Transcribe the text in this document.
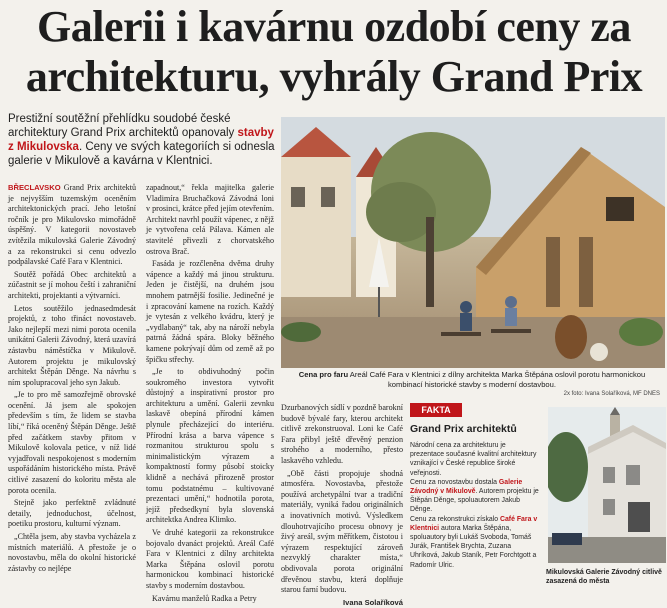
Galerii i kavárnu ozdobí ceny za
architekturu, vyhrály Grand Prix
Prestižní soutěžní přehlídku soudobé české architektury Grand Prix architektů opanovaly stavby z Mikulovska. Ceny ve svých kategoriích si odnesla galerie v Mikulově a kavárna v Klentnici.

BŘECLAVSKO Grand Prix architektů je nejvyšším tuzemským oceněním architektonických prací. Jeho letošní ročník je pro Mikulovsko mimořádně úspěšný. V kategorii novostaveb zvítězila mikulovská Galerie Závodný a za rekonstrukci si cenu odvezlo podpálavské Café Fara v Klentnici.

Soutěž pořádá Obec architektů a zúčastnit se jí mohou čeští i zahraniční architekti, projektanti a výtvarníci.

Letos soutěžilo jednasedmdesát projektů, z toho třináct novostaveb. Jako nejlepší mezi nimi porota ocenila unikátní Galerii Závodný, která uzavírá zástavbu náměstíčka v Mikulově. Autorem projektu je mikulovský architekt Štěpán Děnge. Na návrhu s ním spolupracoval jeho syn Jakub.

„Je to pro mě samozřejmě obrovské ocenění. Já jsem ale spokojen především s tím, že lidem se stavba líbí,“ říká oceněný Štěpán Děnge. Ještě před začátkem stavby přitom v Mikulově kolovala petice, v níž lidé vyjadřovali nespokojenost s moderním uspořádáním historického místa. Právě citlivé zasazení do koloritu města ale porota ocenila.

Stejně jako perfektně zvládnuté detaily, jednoduchost, účelnost, poetiku prostoru, kulturní význam.

„Chtěla jsem, aby stavba vycházela z místních materiálů. A přestože je o novostavbu, měla do okolní historické zástavby co nejlépe

zapadnout,“ řekla majitelka galerie Vladimíra Bruchačková Závodná loni v prosinci, krátce před jejím otevřením. Architekt navrhl použít vápenec, z nějž je vytvořena celá Pálava. Kámen ale stavitelé přivezli z chorvatského ostrova Brač.

Fasáda je rozčleněna dvěma druhy vápence a každý má jinou strukturu. Jeden je čistější, na druhém jsou mnohem patrnější fosilie. Jedinečné je i zpracování kamene na rozích. Každý je vytesán z velkého kvádru, který je „vydlabaný“ tak, aby na nároží nebyla patrná žádná spára. Bloky běžného kamene pokrývají dům od země až po špičku střechy.

„Je to obdivuhodný počin soukromého investora vytvořit důstojný a inspirativní prostor pro architekturu a umění. Galerii zevnku laskavě obepíná přírodní kámen plynule přecházející do interiéru. Přírodní krása a barva vápence s rozmanitou strukturou spolu s minimalistickým výrazem a kompaktností formy působí stoicky klidně a nechává přirozeně prostor tomu podstatnému – kultivované prezentaci umění,“ hodnotila porota, jejíž předsedkyní byla slovenská architektka Andrea Klimko.

Ve druhé kategorii za rekonstrukce bojovalo dvanáct projektů. Areál Café Fara v Klentnici z dílny architekta Marka Štěpána oslovil porotu harmonickou kombinací historické stavby s moderním dostavbou.

Kavárnu manželů Radka a Petry

Dzurbanových sídlí v pozdně barokní budově bývalé fary, kterou architekt citlivě zrekonstruoval. Loni ke Café Fara přibyl ještě dřevěný penzion strohého a moderního, přesto laskavého vzhledu.

„Obě části propojuje shodná atmosféra. Novostavba, přestože používá archetypální tvar a tradiční materiály, vyniká řadou originálních a inovativních motivů. Výsledkem dlouhotrvajícího procesu obnovy je živý areál, svým měřítkem, čistotou i výrazem respektující zároveň nezvyklý charakter místa,“ obdivovala porota originální dřevěnou stavbu, která doplňuje starou farní budovu.

Ivana Solaříková
Cena pro faru Areál Café Fara v Klentnici z dílny architekta Marka Štěpána oslovil porotu harmonickou kombinací historické stavby s moderní dostavbou.
2x foto: Ivana Solaříková, MF DNES
FAKTA
Grand Prix architektů
Národní cena za architekturu je prezentace současné kvalitní architektury vznikající v České republice široké veřejnosti.
Cenu za novostavbu dostala Galerie Závodný v Mikulově. Autorem projektu je Štěpán Děnge, spoluautorem Jakub Děnge.
Cenu za rekonstrukci získalo Café Fara v Klentnici autora Marka Štěpána, spoluautory byli Lukáš Svoboda, Tomáš Jurák, František Brychta, Zuzana Uhríková, Jakub Staník, Petr Forchtgott a Radomír Ulric.
Mikulovská Galerie Závodný citlivě zasazená do města
